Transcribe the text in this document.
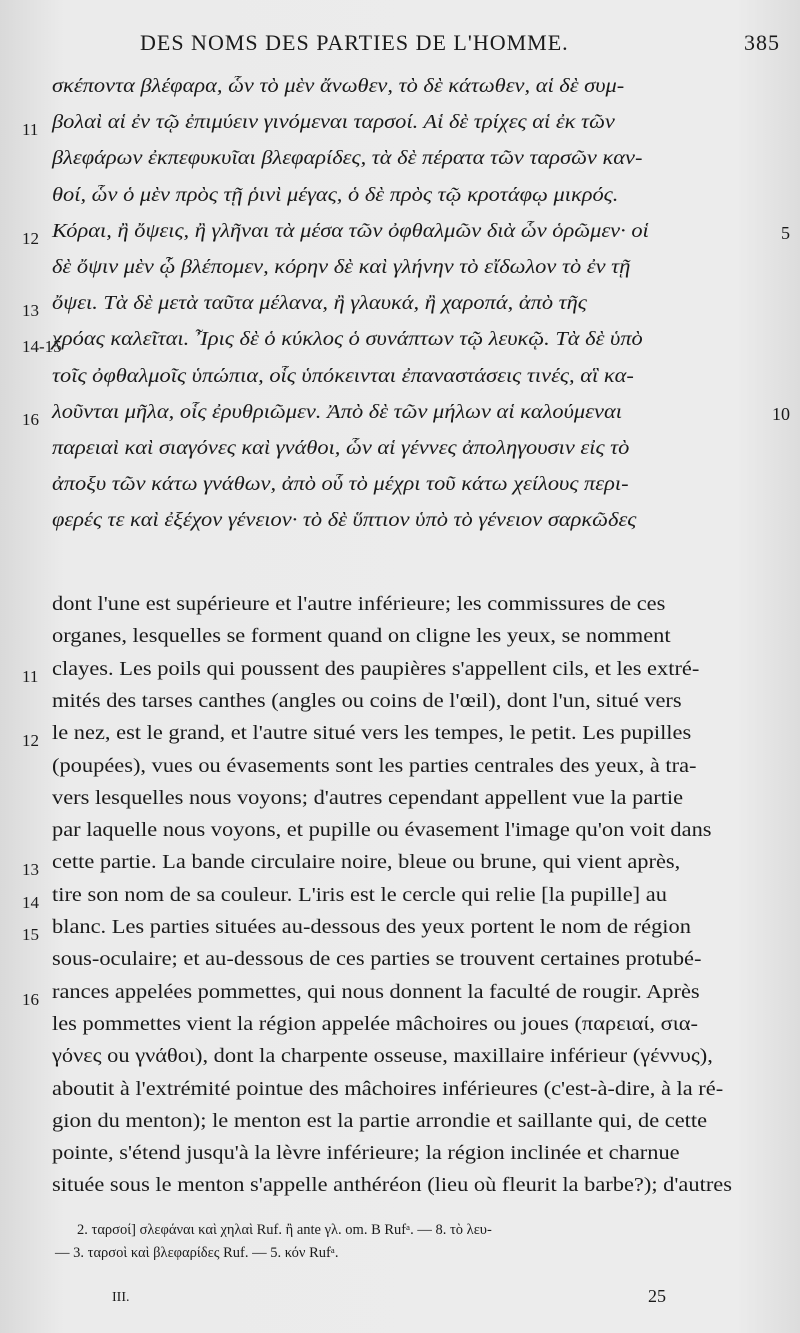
DES NOMS DES PARTIES DE L'HOMME.	385
σκέποντα βλέφαρα, ὧν τὸ μὲν ἄνωθεν, τὸ δὲ κάτωθεν, αἱ δὲ συμ-
βολαὶ αἱ ἐν τῷ ἐπιμύειν γινόμεναι ταρσοί. Αἱ δὲ τρίχες αἱ ἐκ τῶν
11
βλεφάρων ἐκπεφυκυῖαι βλεφαρίδες, τὰ δὲ πέρατα τῶν ταρσῶν καν-
θοί, ὧν ὁ μὲν πρὸς τῇ ῥινὶ μέγας, ὁ δὲ πρὸς τῷ κροτάφῳ μικρός.
Κόραι, ἢ ὄψεις, ἢ γλῆναι τὰ μέσα τῶν ὀφθαλμῶν διὰ ὧν ὁρῶμεν· οἱ
12	5
δὲ ὄψιν μὲν ᾧ βλέπομεν, κόρην δὲ καὶ γλήνην τὸ εἴδωλον τὸ ἐν τῇ
ὄψει. Τὰ δὲ μετὰ ταῦτα μέλανα, ἢ γλαυκά, ἢ χαροπά, ἀπὸ τῆς
13
χρόας καλεῖται. Ἶρις δὲ ὁ κύκλος ὁ συνάπτων τῷ λευκῷ. Τὰ δὲ ὑπὸ
14-15
τοῖς ὀφθαλμοῖς ὑπώπια, οἷς ὑπόκεινται ἐπαναστάσεις τινές, αἳ κα-
λοῦνται μῆλα, οἷς ἐρυθριῶμεν. Ἀπὸ δὲ τῶν μήλων αἱ καλούμεναι
16	10
παρειαὶ καὶ σιαγόνες καὶ γνάθοι, ὧν αἱ γέννες ἀποληγουσιν εἰς τὸ
ἀποξυ τῶν κάτω γνάθων, ἀπὸ οὗ τὸ μέχρι τοῦ κάτω χείλους περι-
φερές τε καὶ ἐξέχον γένειον· τὸ δὲ ὕπτιον ὑπὸ τὸ γένειον σαρκῶδες
dont l'une est supérieure et l'autre inférieure; les commissures de ces
organes, lesquelles se forment quand on cligne les yeux, se nomment
clayes. Les poils qui poussent des paupières s'appellent cils, et les extré-
11
mités des tarses canthes (angles ou coins de l'œil), dont l'un, situé vers
le nez, est le grand, et l'autre situé vers les tempes, le petit. Les pupilles
12
(poupées), vues ou évasements sont les parties centrales des yeux, à tra-
vers lesquelles nous voyons; d'autres cependant appellent vue la partie
par laquelle nous voyons, et pupille ou évasement l'image qu'on voit dans
cette partie. La bande circulaire noire, bleue ou brune, qui vient après,
13
tire son nom de sa couleur. L'iris est le cercle qui relie [la pupille] au
14
blanc. Les parties situées au-dessous des yeux portent le nom de région
15
sous-oculaire; et au-dessous de ces parties se trouvent certaines protubé-
rances appelées pommettes, qui nous donnent la faculté de rougir. Après
16
les pommettes vient la région appelée mâchoires ou joues (παρειαί, σια-
γόνες ou γνάθοι), dont la charpente osseuse, maxillaire inférieur (γέννυς),
aboutit à l'extrémité pointue des mâchoires inférieures (c'est-à-dire, à la ré-
gion du menton); le menton est la partie arrondie et saillante qui, de cette
pointe, s'étend jusqu'à la lèvre inférieure; la région inclinée et charnue
située sous le menton s'appelle anthéréon (lieu où fleurit la barbe?); d'autres
2. ταρσοί] σλεφάναι καὶ χηλαὶ Ruf. ἢ ante γλ. om. B Rufᵃ. — 8. τὸ λευ-
— 3. ταρσοὶ καὶ βλεφαρίδες Ruf. — 5. κόν Rufᵃ.
III.	25
